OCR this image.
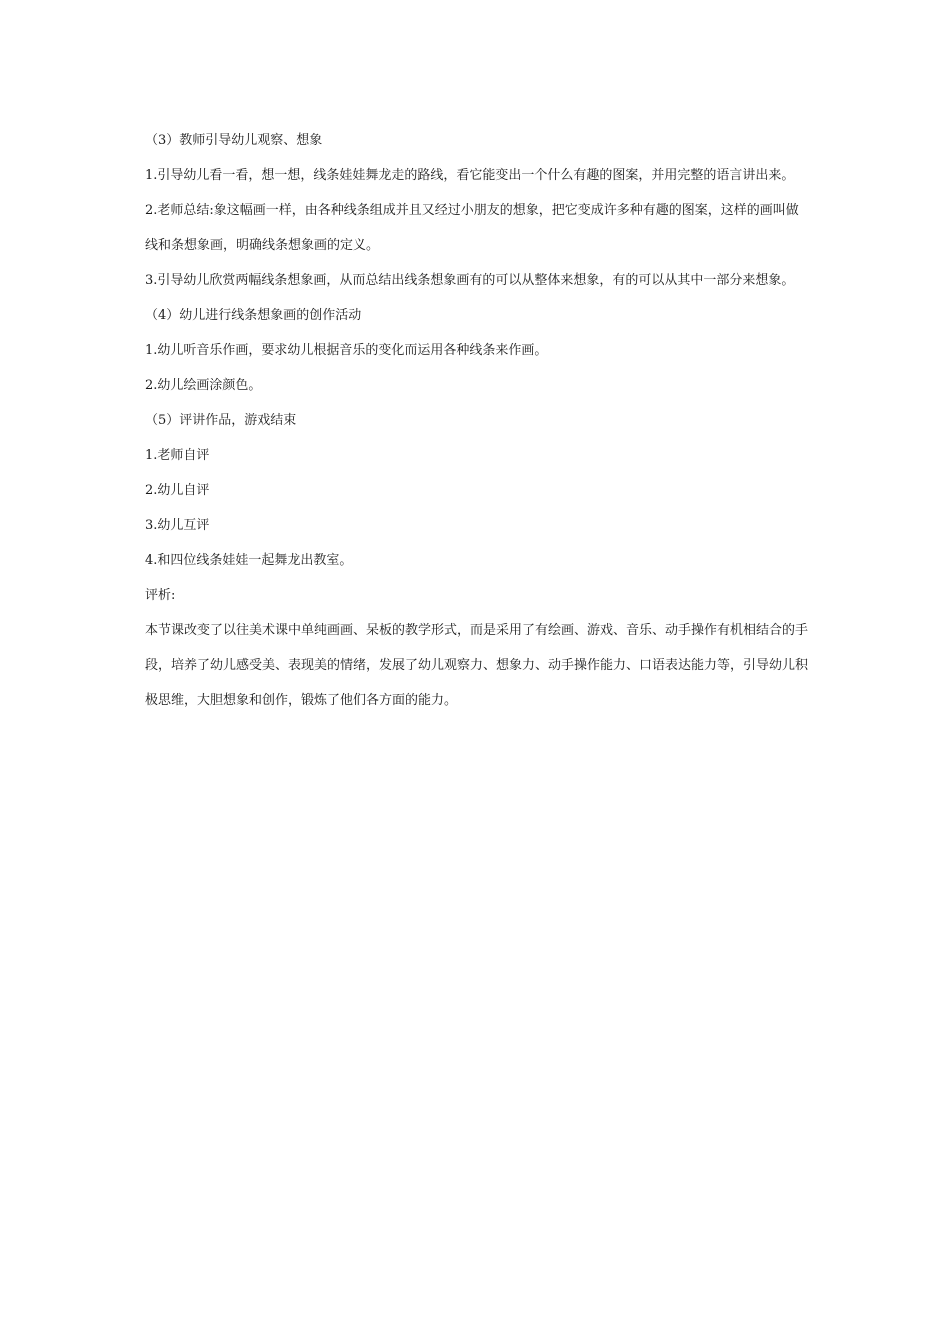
（3）教师引导幼儿观察、想象

1.引导幼儿看一看，想一想，线条娃娃舞龙走的路线，看它能变出一个什么有趣的图案，并用完整的语言讲出来。

2.老师总结:象这幅画一样，由各种线条组成并且又经过小朋友的想象，把它变成许多种有趣的图案，这样的画叫做线和条想象画，明确线条想象画的定义。

3.引导幼儿欣赏两幅线条想象画，从而总结出线条想象画有的可以从整体来想象，有的可以从其中一部分来想象。

（4）幼儿进行线条想象画的创作活动

1.幼儿听音乐作画，要求幼儿根据音乐的变化而运用各种线条来作画。

2.幼儿绘画涂颜色。

（5）评讲作品，游戏结束

1.老师自评

2.幼儿自评

3.幼儿互评

4.和四位线条娃娃一起舞龙出教室。

评析:

本节课改变了以往美术课中单纯画画、呆板的教学形式，而是采用了有绘画、游戏、音乐、动手操作有机相结合的手段，培养了幼儿感受美、表现美的情绪，发展了幼儿观察力、想象力、动手操作能力、口语表达能力等，引导幼儿积极思维，大胆想象和创作，锻炼了他们各方面的能力。
